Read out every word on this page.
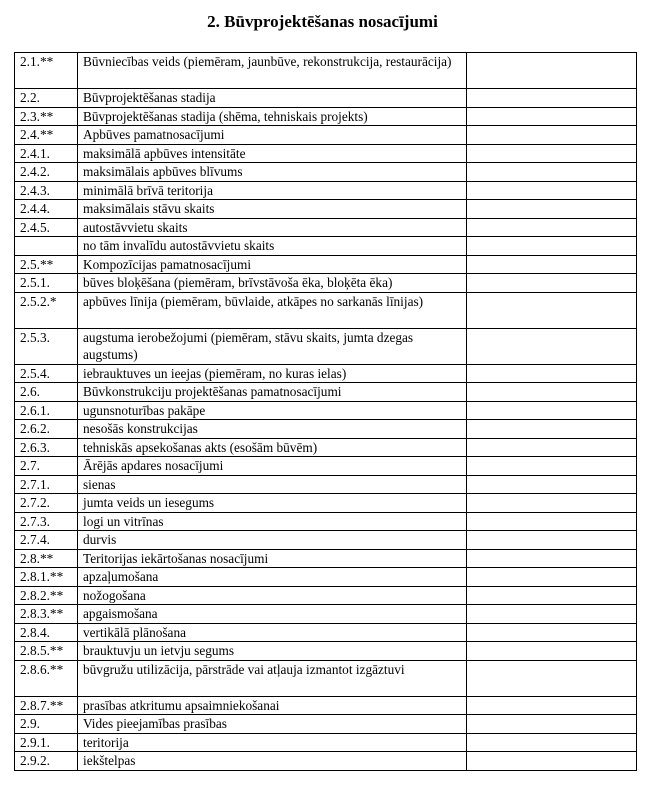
2. Būvprojektēšanas nosacījumi
2.1.**	Būvniecības veids (piemēram, jaunbūve, rekonstrukcija, restaurācija)	
2.2.	Būvprojektēšanas stadija	
2.3.**	Būvprojektēšanas stadija (shēma, tehniskais projekts)	
2.4.**	Apbūves pamatnosacījumi	
2.4.1.	maksimālā apbūves intensitāte	
2.4.2.	maksimālais apbūves blīvums	
2.4.3.	minimālā brīvā teritorija	
2.4.4.	maksimālais stāvu skaits	
2.4.5.	autostāvvietu skaits	
	no tām invalīdu autostāvvietu skaits	
2.5.**	Kompozīcijas pamatnosacījumi	
2.5.1.	būves bloķēšana (piemēram, brīvstāvoša ēka, bloķēta ēka)	
2.5.2.*	apbūves līnija (piemēram, būvlaide, atkāpes no sarkanās līnijas)	
2.5.3.	augstuma ierobežojumi (piemēram, stāvu skaits, jumta dzegas augstums)	
2.5.4.	iebrauktuves un ieejas (piemēram, no kuras ielas)	
2.6.	Būvkonstrukciju projektēšanas pamatnosacījumi	
2.6.1.	ugunsnoturības pakāpe	
2.6.2.	nesošās konstrukcijas	
2.6.3.	tehniskās apsekošanas akts (esošām būvēm)	
2.7.	Ārējās apdares nosacījumi	
2.7.1.	sienas	
2.7.2.	jumta veids un iesegums	
2.7.3.	logi un vitrīnas	
2.7.4.	durvis	
2.8.**	Teritorijas iekārtošanas nosacījumi	
2.8.1.**	apzaļumošana	
2.8.2.**	nožogošana	
2.8.3.**	apgaismošana	
2.8.4.	vertikālā plānošana	
2.8.5.**	brauktuvju un ietvju segums	
2.8.6.**	būvgružu utilizācija, pārstrāde vai atļauja izmantot izgāztuvi	
2.8.7.**	prasības atkritumu apsaimniekošanai	
2.9.	Vides pieejamības prasības	
2.9.1.	teritorija	
2.9.2.	iekštelpas	
